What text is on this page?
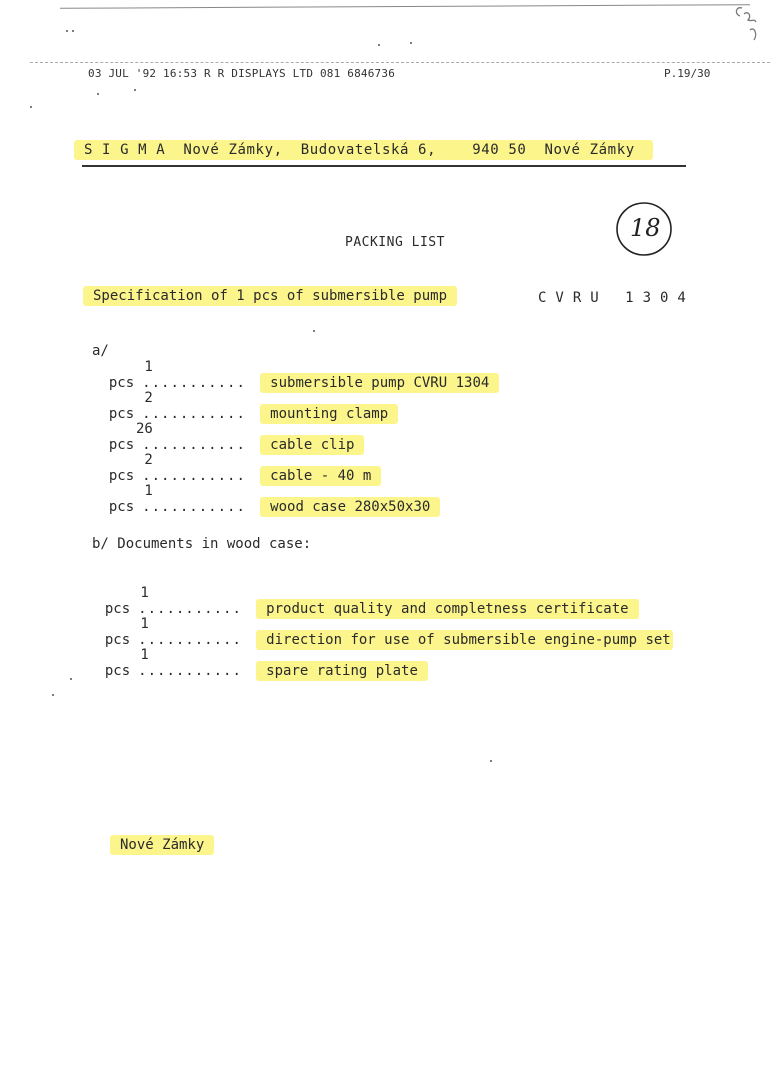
03 JUL '92 16:53 R R DISPLAYS LTD 081 6846736	P.19/30
S I G M A  Nové Zámky,  Budovatelská 6,    940 50  Nové Zámky
18
PACKING LIST
Specification of 1 pcs of submersible pump	CVRU 1304
a/

1
pcs ........... submersible pump CVRU 1304

2
pcs ........... mounting clamp

26
pcs ........... cable clip

2
pcs ........... cable - 40 m

1
pcs ........... wood case 280x50x30

b/ Documents in wood case:

1
pcs ........... product quality and completness certificate

1
pcs ........... direction for use of submersible engine-pump set

1
pcs ........... spare rating plate

Nové Zámky
